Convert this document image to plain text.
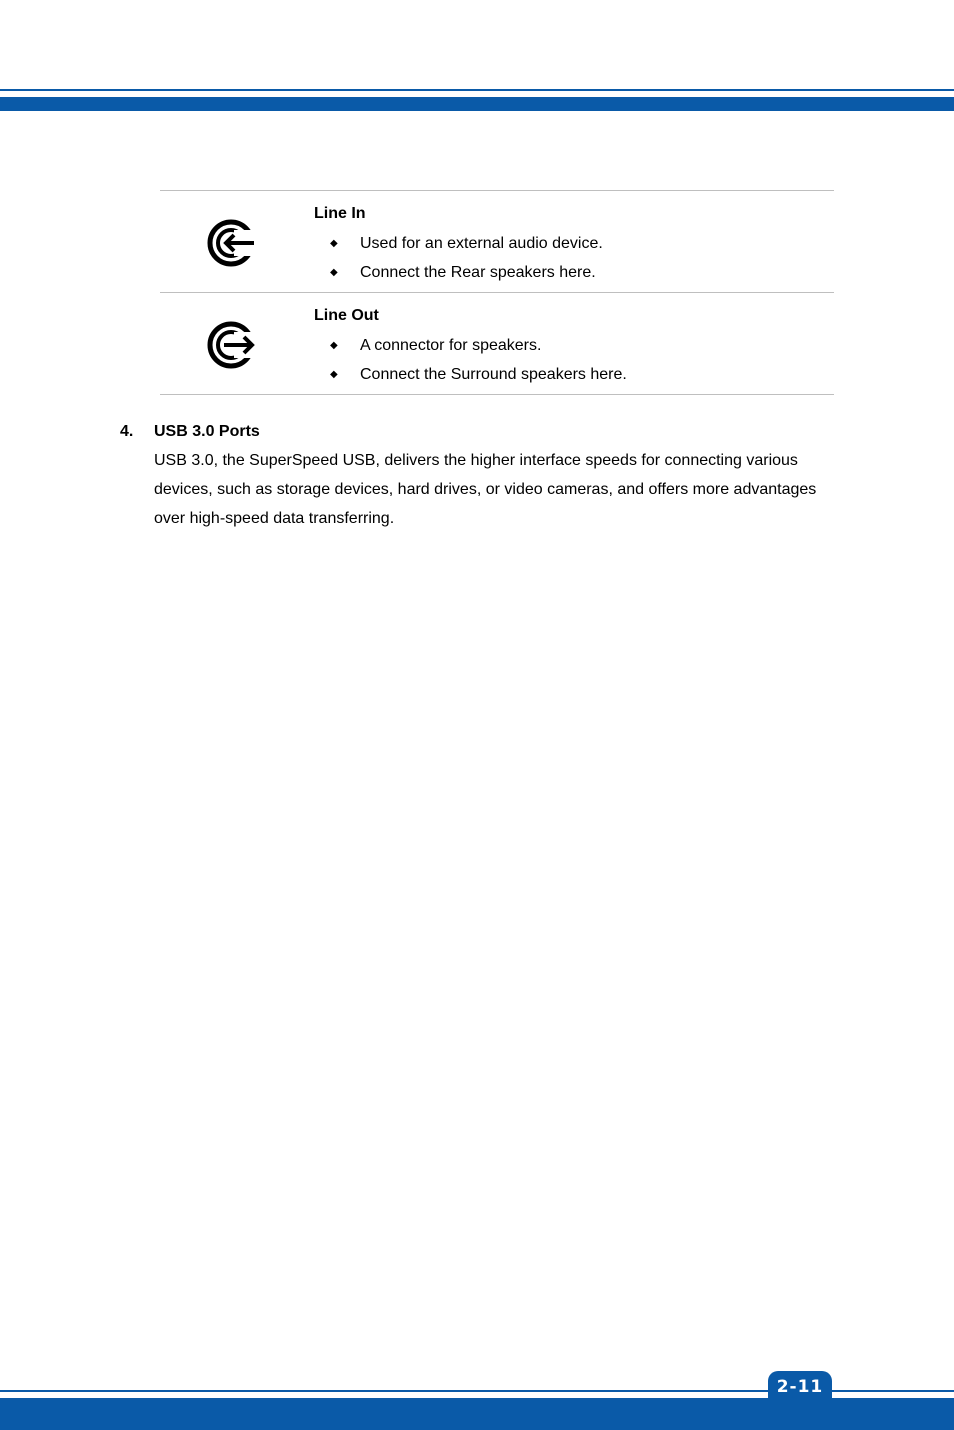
Line In
◆ Used for an external audio device.
◆ Connect the Rear speakers here.
Line Out
◆ A connector for speakers.
◆ Connect the Surround speakers here.
4. USB 3.0 Ports
USB 3.0, the SuperSpeed USB, delivers the higher interface speeds for connecting various devices, such as storage devices, hard drives, or video cameras, and offers more advantages over high-speed data transferring.
2-11
